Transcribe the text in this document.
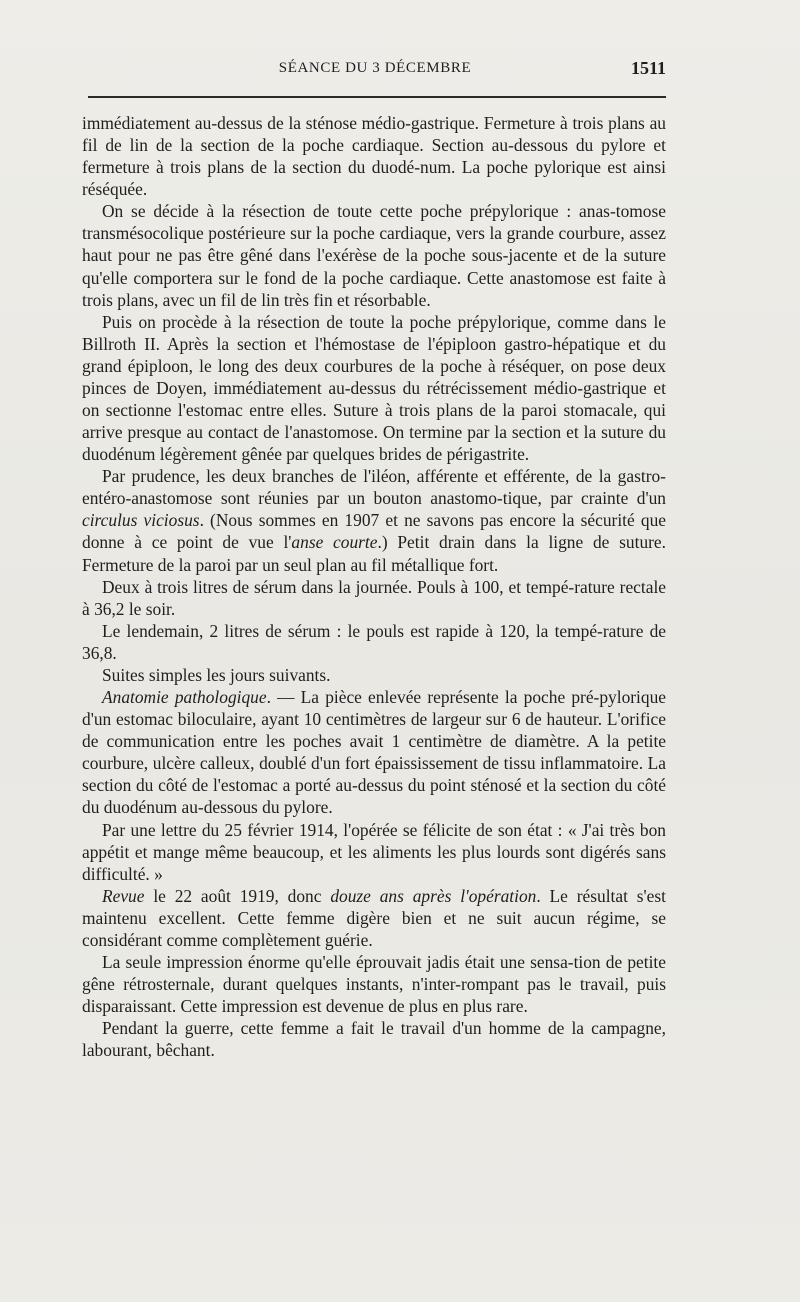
SÉANCE DU 3 DÉCEMBRE	1511

immédiatement au-dessus de la sténose médio-gastrique. Fermeture à trois plans au fil de lin de la section de la poche cardiaque. Section au-dessous du pylore et fermeture à trois plans de la section du duodé-num. La poche pylorique est ainsi réséquée.

On se décide à la résection de toute cette poche prépylorique : anas-tomose transmésocolique postérieure sur la poche cardiaque, vers la grande courbure, assez haut pour ne pas être gêné dans l'exérèse de la poche sous-jacente et de la suture qu'elle comportera sur le fond de la poche cardiaque. Cette anastomose est faite à trois plans, avec un fil de lin très fin et résorbable.

Puis on procède à la résection de toute la poche prépylorique, comme dans le Billroth II. Après la section et l'hémostase de l'épiploon gastro-hépatique et du grand épiploon, le long des deux courbures de la poche à réséquer, on pose deux pinces de Doyen, immédiatement au-dessus du rétrécissement médio-gastrique et on sectionne l'estomac entre elles. Suture à trois plans de la paroi stomacale, qui arrive presque au contact de l'anastomose. On termine par la section et la suture du duodénum légèrement gênée par quelques brides de périgastrite.

Par prudence, les deux branches de l'iléon, afférente et efférente, de la gastro-entéro-anastomose sont réunies par un bouton anastomo-tique, par crainte d'un circulus viciosus. (Nous sommes en 1907 et ne savons pas encore la sécurité que donne à ce point de vue l'anse courte.) Petit drain dans la ligne de suture. Fermeture de la paroi par un seul plan au fil métallique fort.

Deux à trois litres de sérum dans la journée. Pouls à 100, et tempé-rature rectale à 36,2 le soir.

Le lendemain, 2 litres de sérum : le pouls est rapide à 120, la tempé-rature de 36,8.

Suites simples les jours suivants.

Anatomie pathologique. — La pièce enlevée représente la poche pré-pylorique d'un estomac biloculaire, ayant 10 centimètres de largeur sur 6 de hauteur. L'orifice de communication entre les poches avait 1 centimètre de diamètre. A la petite courbure, ulcère calleux, doublé d'un fort épaississement de tissu inflammatoire. La section du côté de l'estomac a porté au-dessus du point sténosé et la section du côté du duodénum au-dessous du pylore.

Par une lettre du 25 février 1914, l'opérée se félicite de son état : « J'ai très bon appétit et mange même beaucoup, et les aliments les plus lourds sont digérés sans difficulté. »

Revue le 22 août 1919, donc douze ans après l'opération. Le résultat s'est maintenu excellent. Cette femme digère bien et ne suit aucun régime, se considérant comme complètement guérie.

La seule impression énorme qu'elle éprouvait jadis était une sensa-tion de petite gêne rétrosternale, durant quelques instants, n'inter-rompant pas le travail, puis disparaissant. Cette impression est devenue de plus en plus rare.

Pendant la guerre, cette femme a fait le travail d'un homme de la campagne, labourant, bêchant.
